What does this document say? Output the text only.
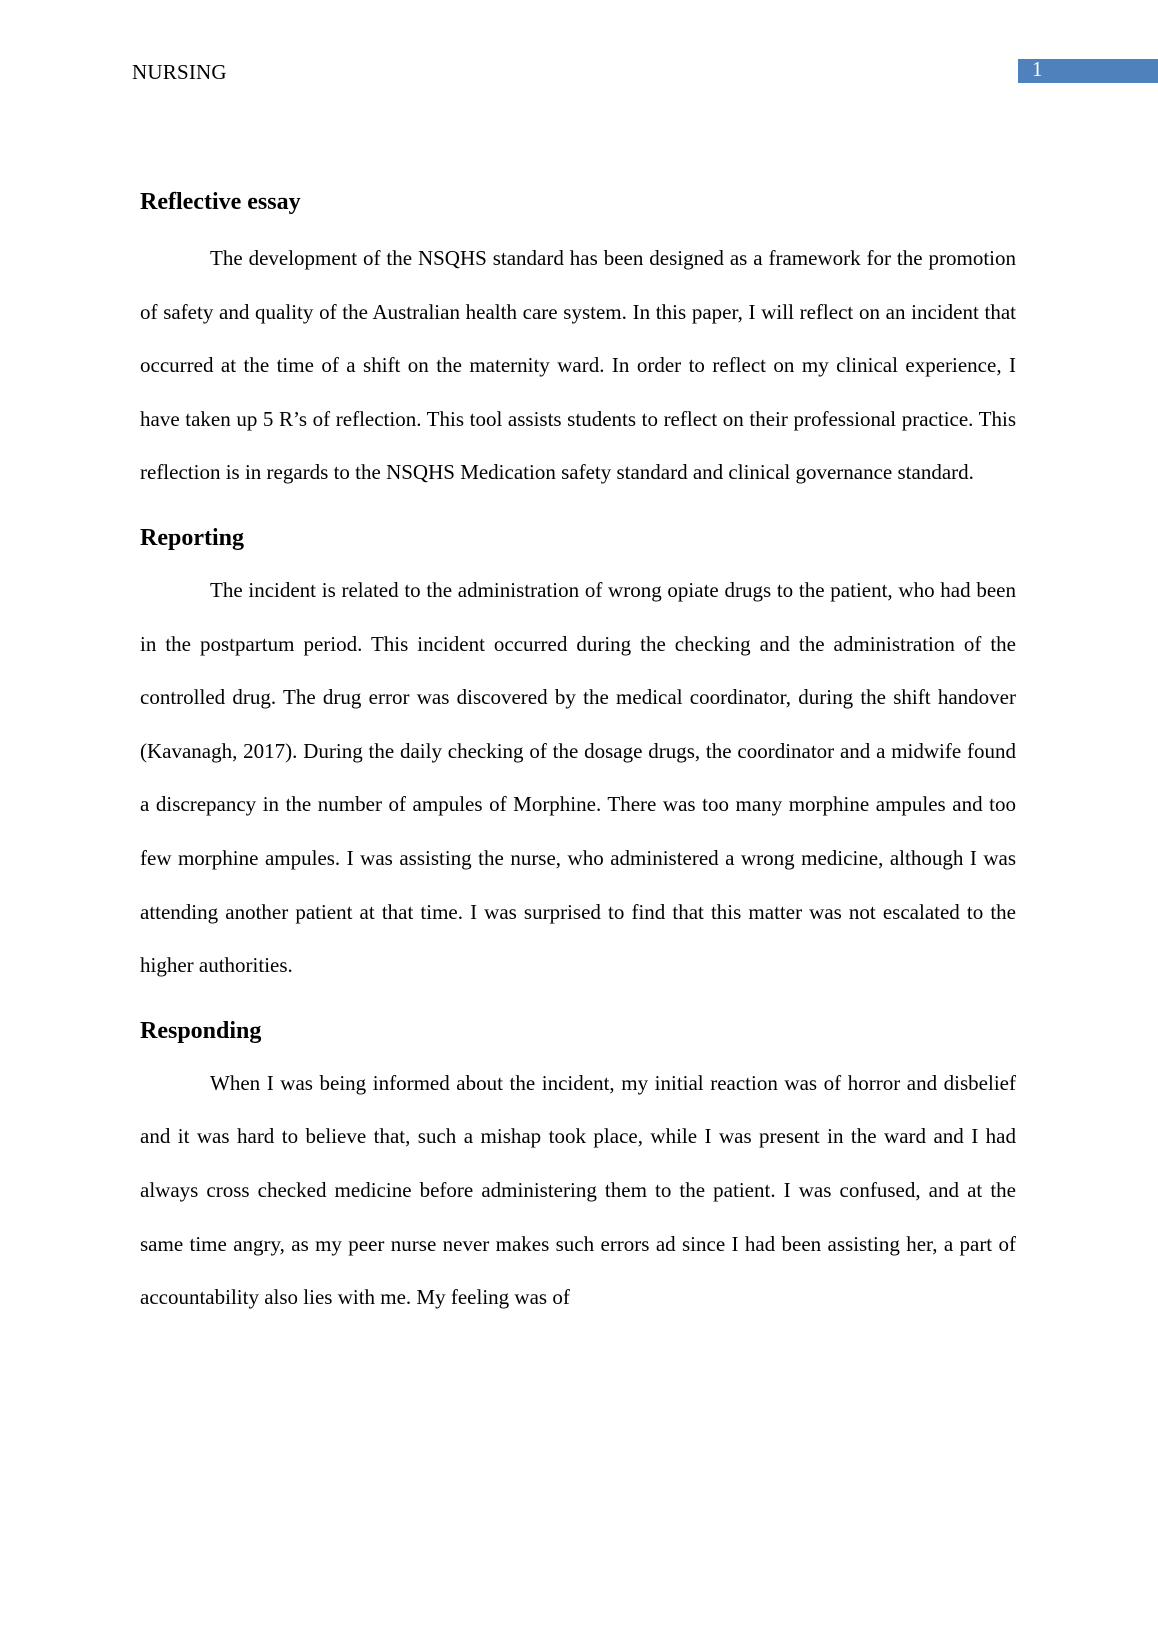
NURSING	1
Reflective essay

The development of the NSQHS standard has been designed as a framework for the promotion of safety and quality of the Australian health care system. In this paper, I will reflect on an incident that occurred at the time of a shift on the maternity ward. In order to reflect on my clinical experience, I have taken up 5 R’s of reflection. This tool assists students to reflect on their professional practice. This reflection is in regards to the NSQHS Medication safety standard and clinical governance standard.

Reporting

The incident is related to the administration of wrong opiate drugs to the patient, who had been in the postpartum period. This incident occurred during the checking and the administration of the controlled drug. The drug error was discovered by the medical coordinator, during the shift handover (Kavanagh, 2017). During the daily checking of the dosage drugs, the coordinator and a midwife found a discrepancy in the number of ampules of Morphine. There was too many morphine ampules and too few morphine ampules. I was assisting the nurse, who administered a wrong medicine, although I was attending another patient at that time. I was surprised to find that this matter was not escalated to the higher authorities.

Responding

When I was being informed about the incident, my initial reaction was of horror and disbelief and it was hard to believe that, such a mishap took place, while I was present in the ward and I had always cross checked medicine before administering them to the patient. I was confused, and at the same time angry, as my peer nurse never makes such errors ad since I had been assisting her, a part of accountability also lies with me. My feeling was of
